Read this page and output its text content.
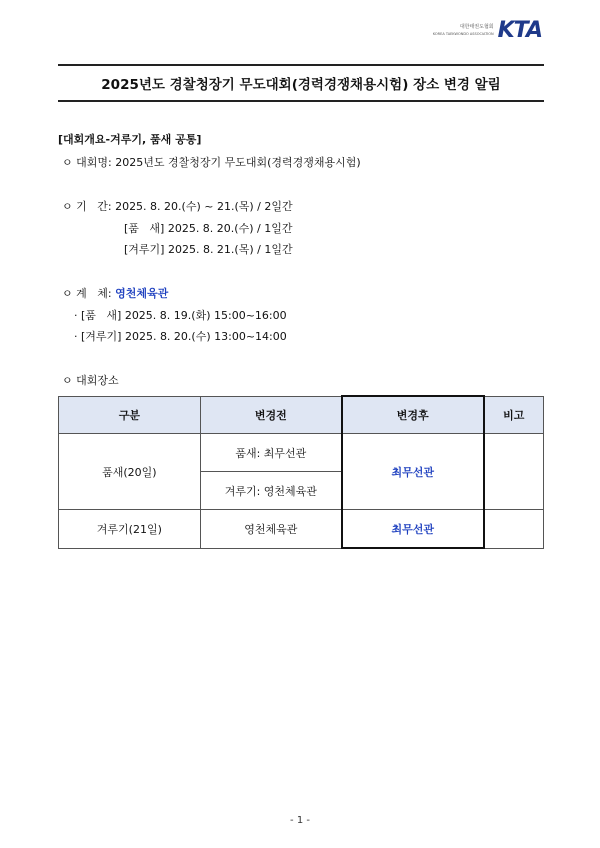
대한태권도협회
KOREA TAEKWONDO ASSOCIATION KTA
2025년도 경찰청장기 무도대회(경력경쟁채용시험) 장소 변경 알림
[대회개요-겨루기, 품새 공통]
ㅇ 대회명: 2025년도 경찰청장기 무도대회(경력경쟁채용시험)
ㅇ 기   간: 2025. 8. 20.(수) ~ 21.(목) / 2일간
[품   새] 2025. 8. 20.(수) / 1일간
[겨루기] 2025. 8. 21.(목) / 1일간
ㅇ 계   체: 영천체육관
· [품   새] 2025. 8. 19.(화) 15:00~16:00
· [겨루기] 2025. 8. 20.(수) 13:00~14:00
ㅇ 대회장소
구분	변경전	변경후	비고
품새(20일)	품새: 최무선관	최무선관	
	겨루기: 영천체육관		
겨루기(21일)	영천체육관	최무선관	
- 1 -
